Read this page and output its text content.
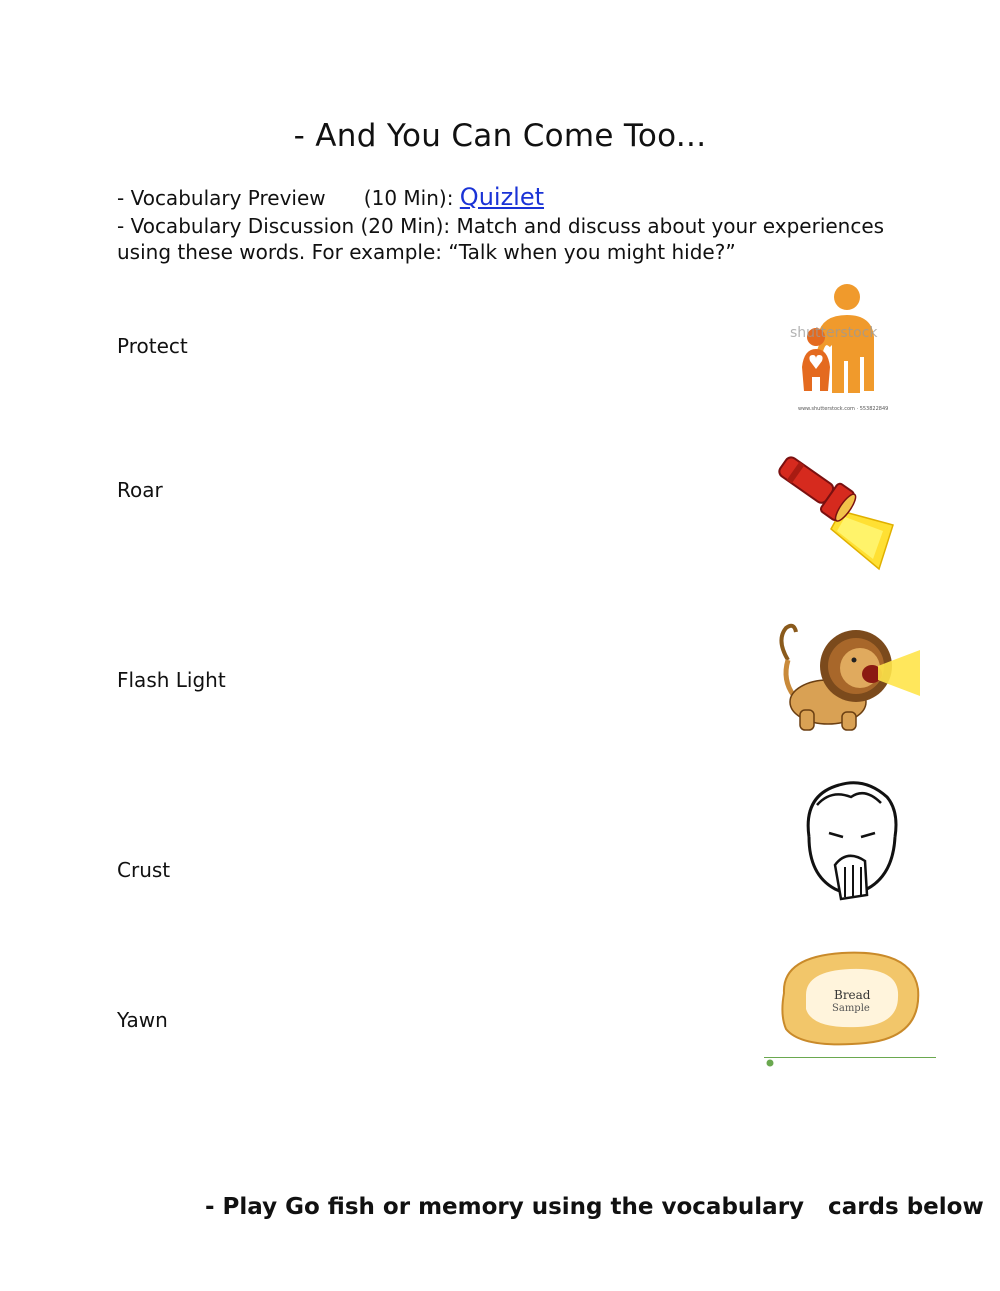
- And You Can Come Too...
- Vocabulary Preview      (10 Min): Quizlet
- Vocabulary Discussion (20 Min): Match and discuss about your experiences
using these words. For example: “Talk when you might hide?”
Protect
Roar
Flash Light
Crust
Yawn
shutterstock
www.shutterstock.com · 553822849
Bread
Sample
- Play Go fish or memory using the vocabulary   cards below
